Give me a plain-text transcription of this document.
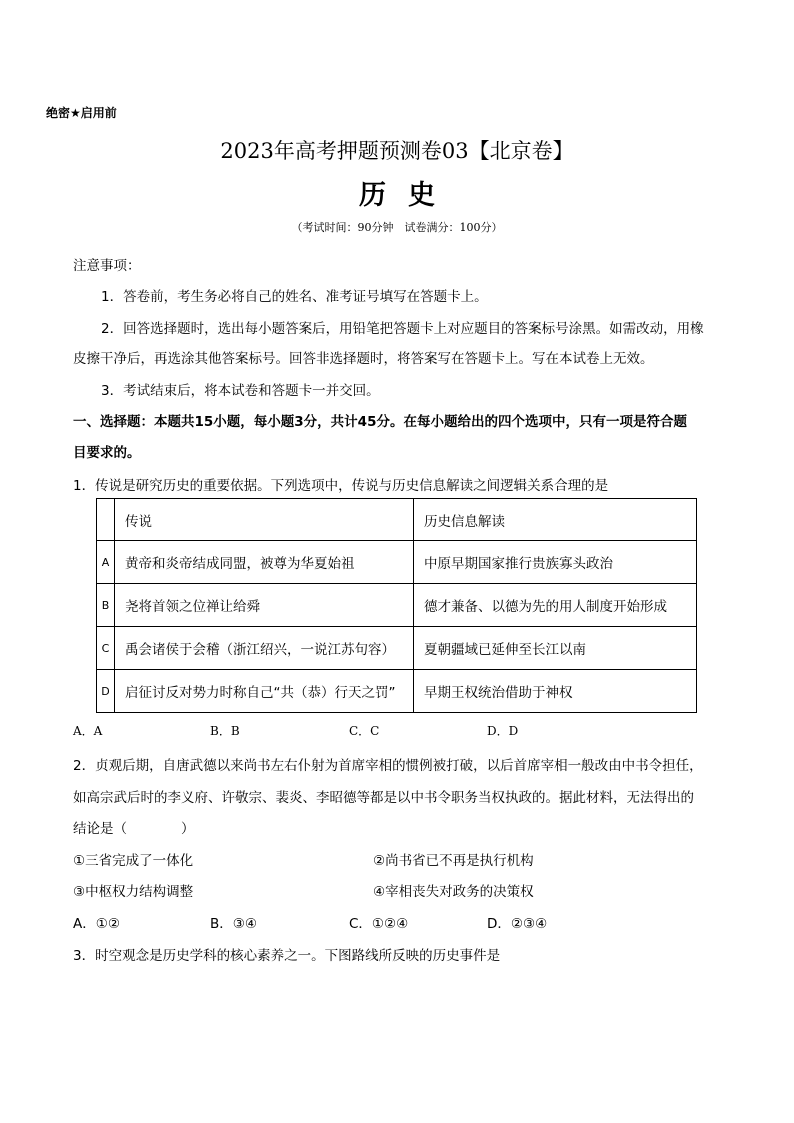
绝密★启用前
2023年高考押题预测卷03【北京卷】
历史
（考试时间：90分钟　试卷满分：100分）
注意事项：
1．答卷前，考生务必将自己的姓名、准考证号填写在答题卡上。
2．回答选择题时，选出每小题答案后，用铅笔把答题卡上对应题目的答案标号涂黑。如需改动，用橡
皮擦干净后，再选涂其他答案标号。回答非选择题时，将答案写在答题卡上。写在本试卷上无效。
3．考试结束后，将本试卷和答题卡一并交回。
一、选择题：本题共15小题，每小题3分，共计45分。在每小题给出的四个选项中，只有一项是符合题
目要求的。
1．传说是研究历史的重要依据。下列选项中，传说与历史信息解读之间逻辑关系合理的是
	传说	历史信息解读
A	黄帝和炎帝结成同盟，被尊为华夏始祖	中原早期国家推行贵族寡头政治
B	尧将首领之位禅让给舜	德才兼备、以德为先的用人制度开始形成
C	禹会诸侯于会稽（浙江绍兴，一说江苏句容）	夏朝疆域已延伸至长江以南
D	启征讨反对势力时称自己“共（恭）行天之罚”	早期王权统治借助于神权
A．A	B．B	C．C	D．D
2．贞观后期，自唐武德以来尚书左右仆射为首席宰相的惯例被打破，以后首席宰相一般改由中书令担任，
如高宗武后时的李义府、许敬宗、裴炎、李昭德等都是以中书令职务当权执政的。据此材料，无法得出的
结论是（　　　　）
①三省完成了一体化	②尚书省已不再是执行机构
③中枢权力结构调整	④宰相丧失对政务的决策权
A．①②	B．③④	C．①②④	D．②③④
3．时空观念是历史学科的核心素养之一。下图路线所反映的历史事件是
